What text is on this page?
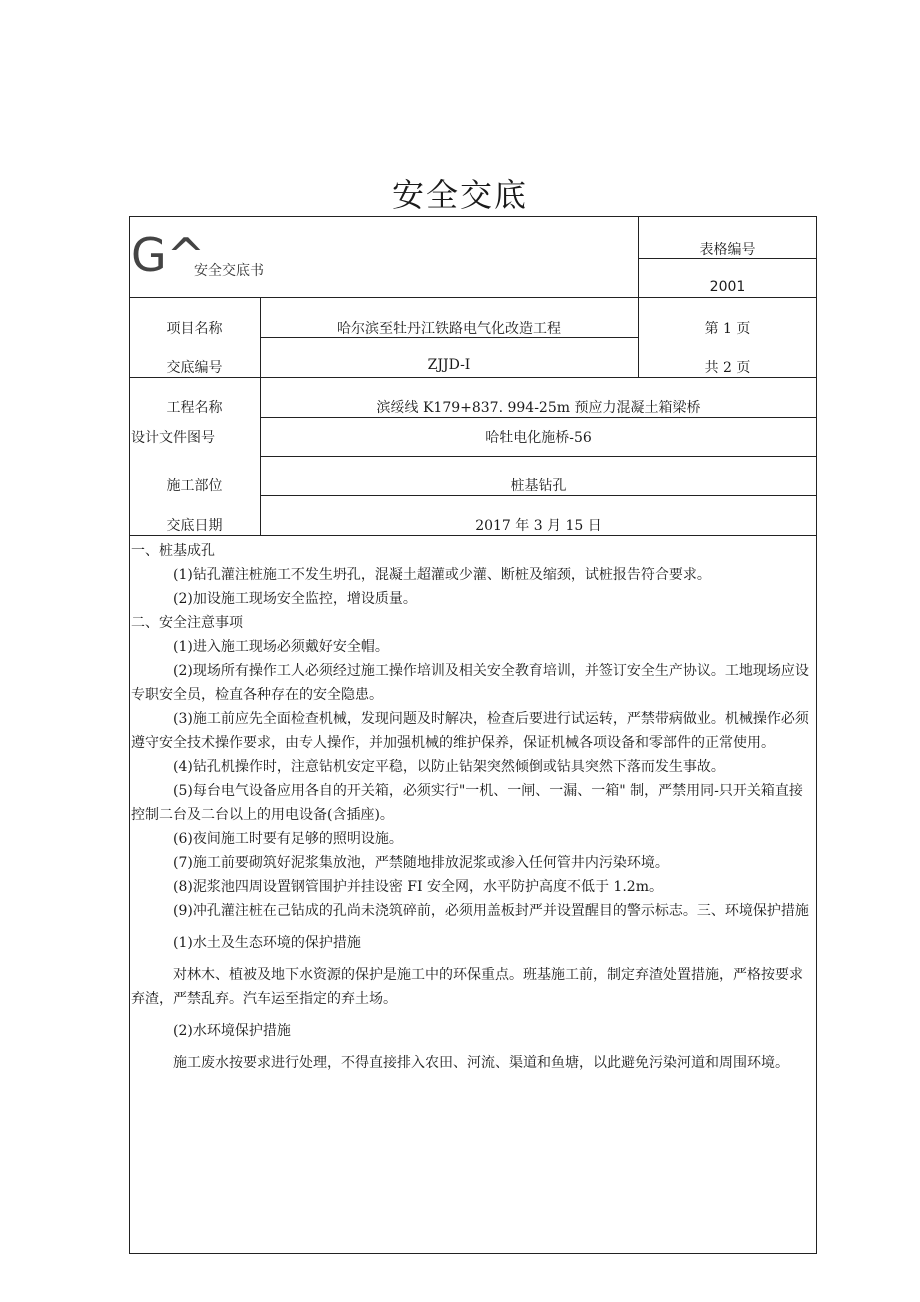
安全交底
G^
安全交底书
表格编号
2001
项目名称	哈尔滨至牡丹江铁路电气化改造工程	第 1 页
交底编号	ZJJD-I	共 2 页
工程名称	滨绥线 K179+837. 994-25m 预应力混凝土箱梁桥
设计文件图号	哈牡电化施桥-56
施工部位	桩基钻孔
交底日期	2017 年 3 月 15 日

一、桩基成孔

(1)钻孔灌注桩施工不发生坍孔，混凝土超灌或少灌、断桩及缩颈，试桩报告符合要求。

(2)加设施工现场安全监控，增设质量。

二、安全注意事项

(1)进入施工现场必须戴好安全帽。

(2)现场所有操作工人必须经过施工操作培训及相关安全教育培训，并签订安全生产协议。工地现场应设专职安全员，检直各种存在的安全隐患。

(3)施工前应先全面检查机械，发现问题及时解决，检查后要进行试运转，严禁带病做业。机械操作必须遵守安全技术操作要求，由专人操作，并加强机械的维护保养，保证机械各项设备和零部件的正常使用。

(4)钻孔机操作时，注意钻机安定平稳，以防止钻架突然倾倒或钻具突然下落而发生事故。

(5)每台电气设备应用各自的开关箱，必须实行"一机、一闸、一漏、一箱" 制，严禁用同-只开关箱直接控制二台及二台以上的用电设备(含插座)。

(6)夜间施工时要有足够的照明设施。

(7)施工前要砌筑好泥浆集放池，严禁随地排放泥浆或渗入任何管井内污染环境。

(8)泥浆池四周设置钢管围护并挂设密 FI 安全网，水平防护高度不低于 1.2m。

(9)冲孔灌注桩在己钻成的孔尚未浇筑碎前，必须用盖板封严并设置醒目的警示标志。三、环境保护措施

(1)水土及生态环境的保护措施

对林木、植被及地下水资源的保护是施工中的环保重点。班基施工前，制定弃渣处置措施，严格按要求弃渣，严禁乱弃。汽车运至指定的弃土场。

(2)水环境保护措施

施工废水按要求进行处理，不得直接排入农田、河流、渠道和鱼塘，以此避免污染河道和周围环境。
